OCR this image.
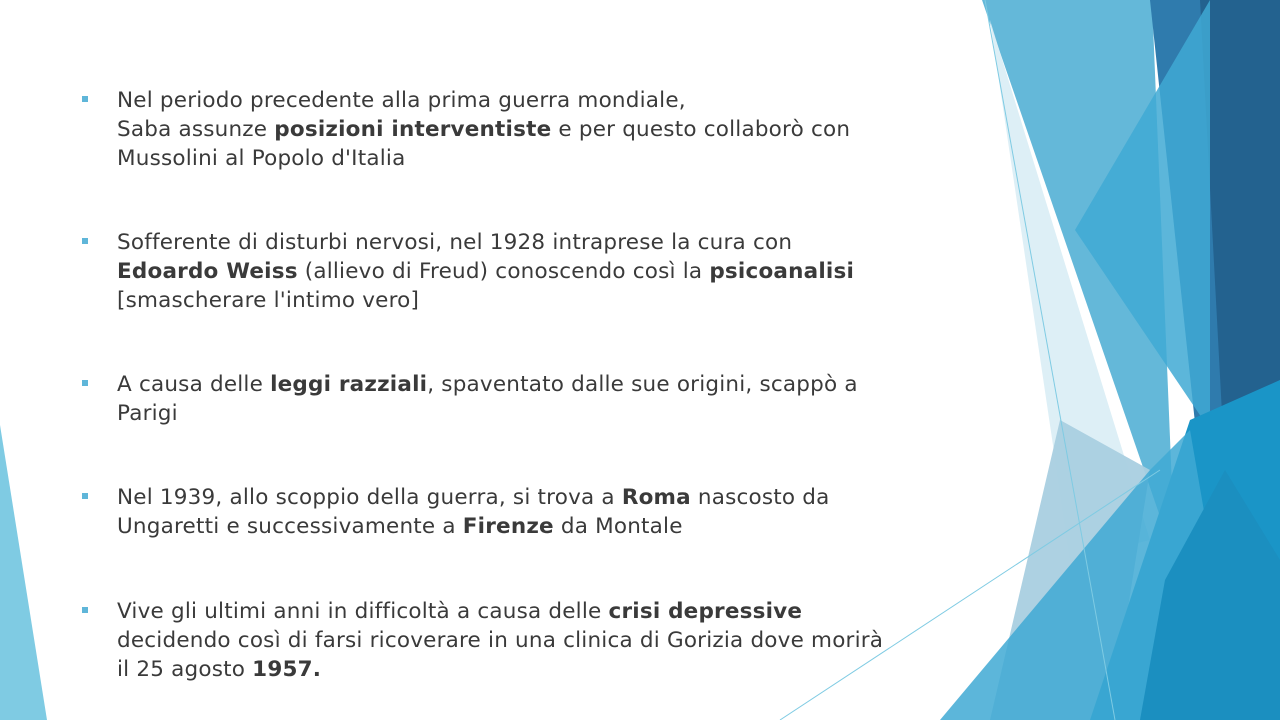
Nel periodo precedente alla prima guerra mondiale,
Saba assunze posizioni interventiste e per questo collaborò con
Mussolini al Popolo d'Italia
Sofferente di disturbi nervosi, nel 1928 intraprese la cura con
Edoardo Weiss (allievo di Freud) conoscendo così la psicoanalisi
[smascherare l'intimo vero]
A causa delle leggi razziali, spaventato dalle sue origini, scappò a
Parigi
Nel 1939, allo scoppio della guerra, si trova a Roma nascosto da
Ungaretti e successivamente a Firenze da Montale
Vive gli ultimi anni in difficoltà a causa delle crisi depressive
decidendo così di farsi ricoverare in una clinica di Gorizia dove morirà
il 25 agosto 1957.
